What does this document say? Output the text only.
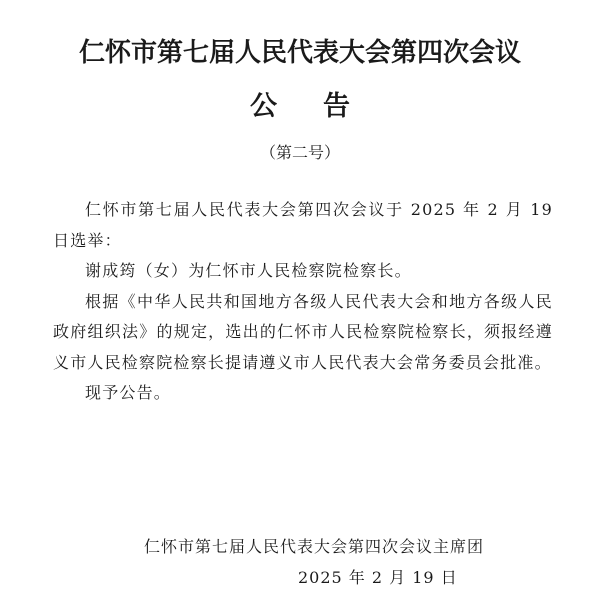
仁怀市第七届人民代表大会第四次会议
公告
（第二号）

仁怀市第七届人民代表大会第四次会议于 2025 年 2 月 19 日选举：

谢成筠（女）为仁怀市人民检察院检察长。

根据《中华人民共和国地方各级人民代表大会和地方各级人民政府组织法》的规定，选出的仁怀市人民检察院检察长，须报经遵义市人民检察院检察长提请遵义市人民代表大会常务委员会批准。

现予公告。

仁怀市第七届人民代表大会第四次会议主席团
2025 年 2 月 19 日
